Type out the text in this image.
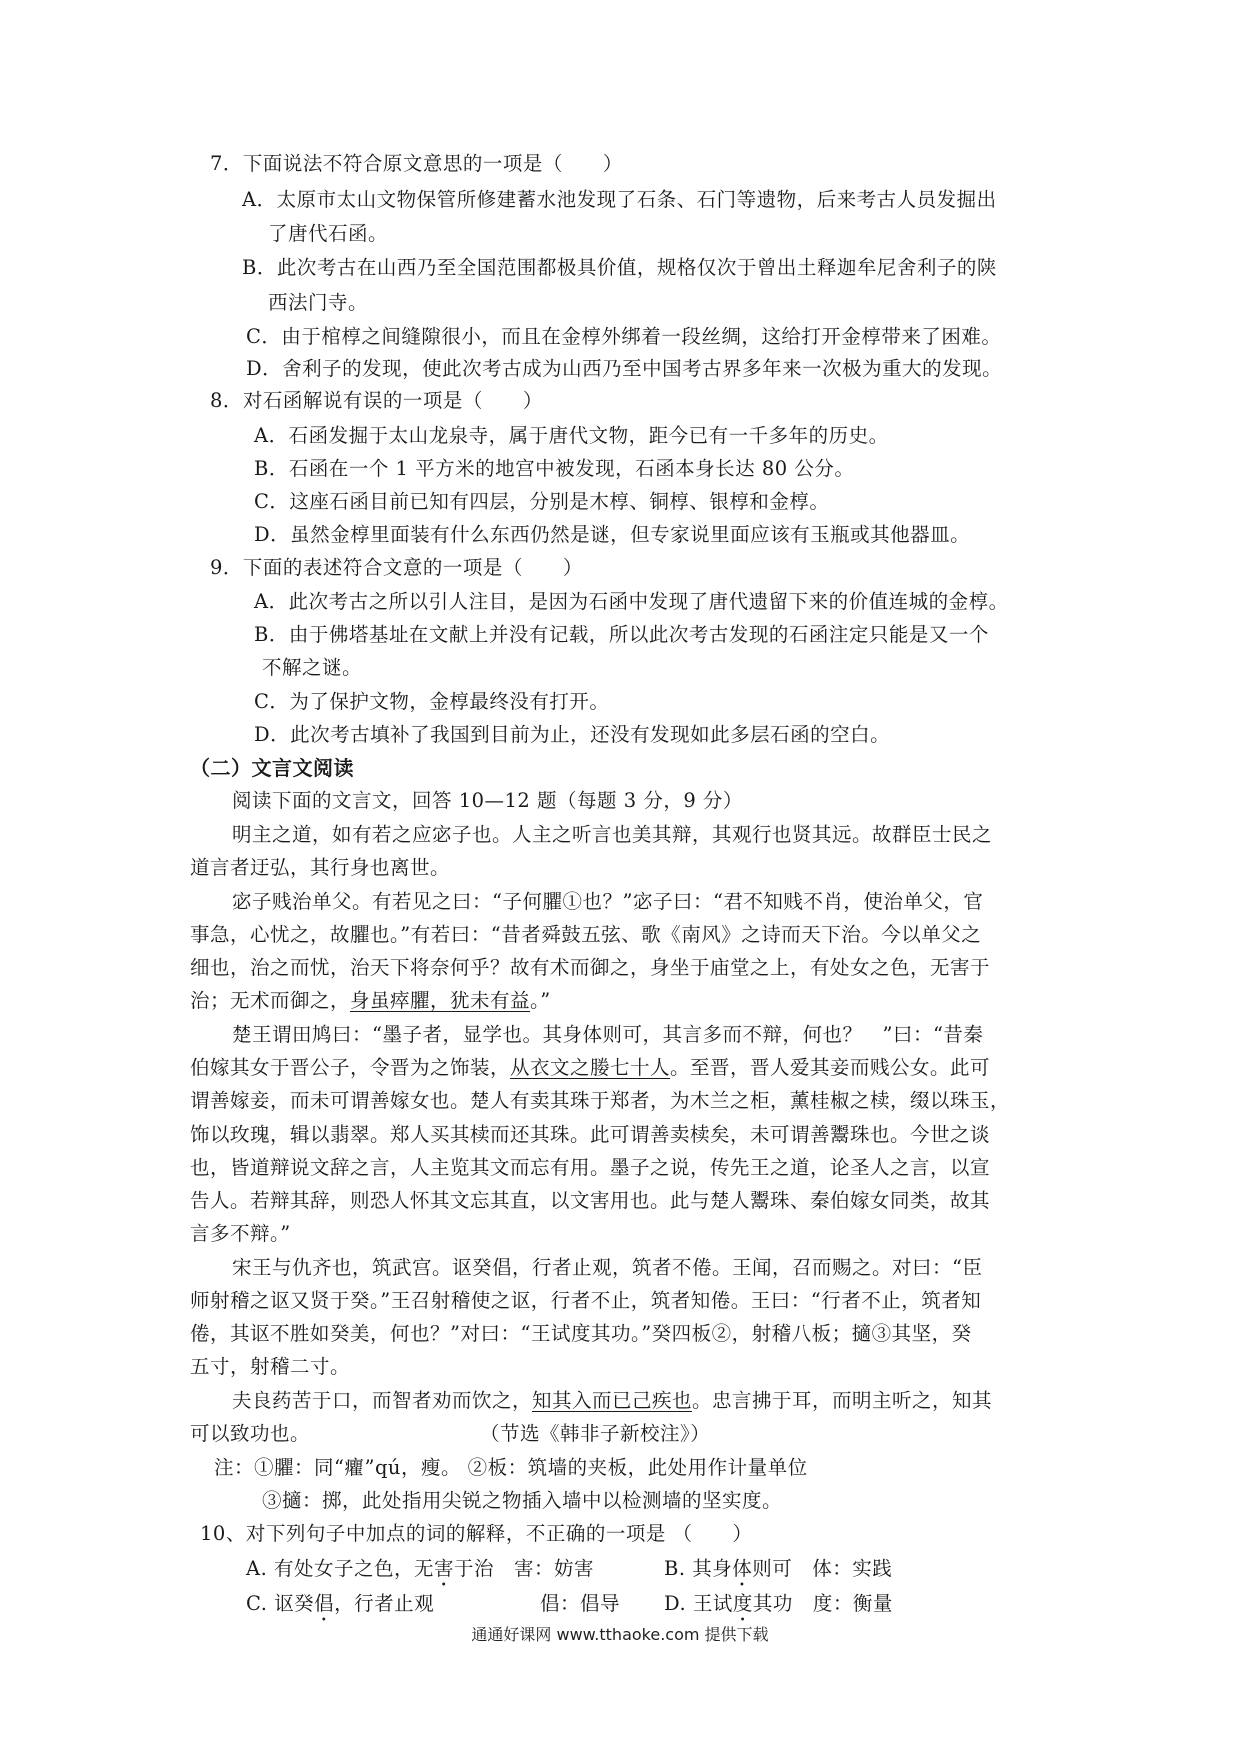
7．下面说法不符合原文意思的一项是（　　）
A．太原市太山文物保管所修建蓄水池发现了石条、石门等遗物，后来考古人员发掘出
了唐代石函。
B．此次考古在山西乃至全国范围都极具价值，规格仅次于曾出土释迦牟尼舍利子的陕
西法门寺。
C．由于棺椁之间缝隙很小，而且在金椁外绑着一段丝绸，这给打开金椁带来了困难。
D．舍利子的发现，使此次考古成为山西乃至中国考古界多年来一次极为重大的发现。
8．对石函解说有误的一项是（　　）
A．石函发掘于太山龙泉寺，属于唐代文物，距今已有一千多年的历史。
B．石函在一个 1 平方米的地宫中被发现，石函本身长达 80 公分。
C．这座石函目前已知有四层，分别是木椁、铜椁、银椁和金椁。
D．虽然金椁里面装有什么东西仍然是谜，但专家说里面应该有玉瓶或其他器皿。
9．下面的表述符合文意的一项是（　　）
A．此次考古之所以引人注目，是因为石函中发现了唐代遗留下来的价值连城的金椁。
B．由于佛塔基址在文献上并没有记载，所以此次考古发现的石函注定只能是又一个
不解之谜。
C．为了保护文物，金椁最终没有打开。
D．此次考古填补了我国到目前为止，还没有发现如此多层石函的空白。
（二）文言文阅读
阅读下面的文言文，回答 10—12 题（每题 3 分，9 分）
明主之道，如有若之应宓子也。人主之听言也美其辩，其观行也贤其远。故群臣士民之
道言者迂弘，其行身也离世。
宓子贱治单父。有若见之曰：“子何臞①也？”宓子曰：“君不知贱不肖，使治单父，官
事急，心忧之，故臞也。”有若曰：“昔者舜鼓五弦、歌《南风》之诗而天下治。今以单父之
细也，治之而忧，治天下将奈何乎？故有术而御之，身坐于庙堂之上，有处女之色，无害于
治；无术而御之，身虽瘁臞，犹未有益。”
楚王谓田鸠曰：“墨子者，显学也。其身体则可，其言多而不辩，何也？　”曰：“昔秦
伯嫁其女于晋公子，令晋为之饰装，从衣文之媵七十人。至晋，晋人爱其妾而贱公女。此可
谓善嫁妾，而未可谓善嫁女也。楚人有卖其珠于郑者，为木兰之柜，薰桂椒之椟，缀以珠玉，
饰以玫瑰，辑以翡翠。郑人买其椟而还其珠。此可谓善卖椟矣，未可谓善鬻珠也。今世之谈
也，皆道辩说文辞之言，人主览其文而忘有用。墨子之说，传先王之道，论圣人之言，以宣
告人。若辩其辞，则恐人怀其文忘其直，以文害用也。此与楚人鬻珠、秦伯嫁女同类，故其
言多不辩。”
宋王与仇齐也，筑武宫。讴癸倡，行者止观，筑者不倦。王闻，召而赐之。对曰：“臣
师射稽之讴又贤于癸。”王召射稽使之讴，行者不止，筑者知倦。王曰：“行者不止，筑者知
倦，其讴不胜如癸美，何也？”对曰：“王试度其功。”癸四板②，射稽八板；擿③其坚，癸
五寸，射稽二寸。
夫良药苦于口，而智者劝而饮之，知其入而已己疾也。忠言拂于耳，而明主听之，知其
可以致功也。	（节选《韩非子新校注》）
注：①臞：同“癯”qú，瘦。 ②板：筑墙的夹板，此处用作计量单位
③擿：掷，此处指用尖锐之物插入墙中以检测墙的坚实度。
10、对下列句子中加点的词的解释，不正确的一项是 （　　）
A. 有处女子之色，无害于治　害：妨害	B. 其身体则可　体：实践
C. 讴癸倡，行者止观	倡：倡导 D. 王试度其功　度：衡量
通通好课网 www.tthaoke.com 提供下载
